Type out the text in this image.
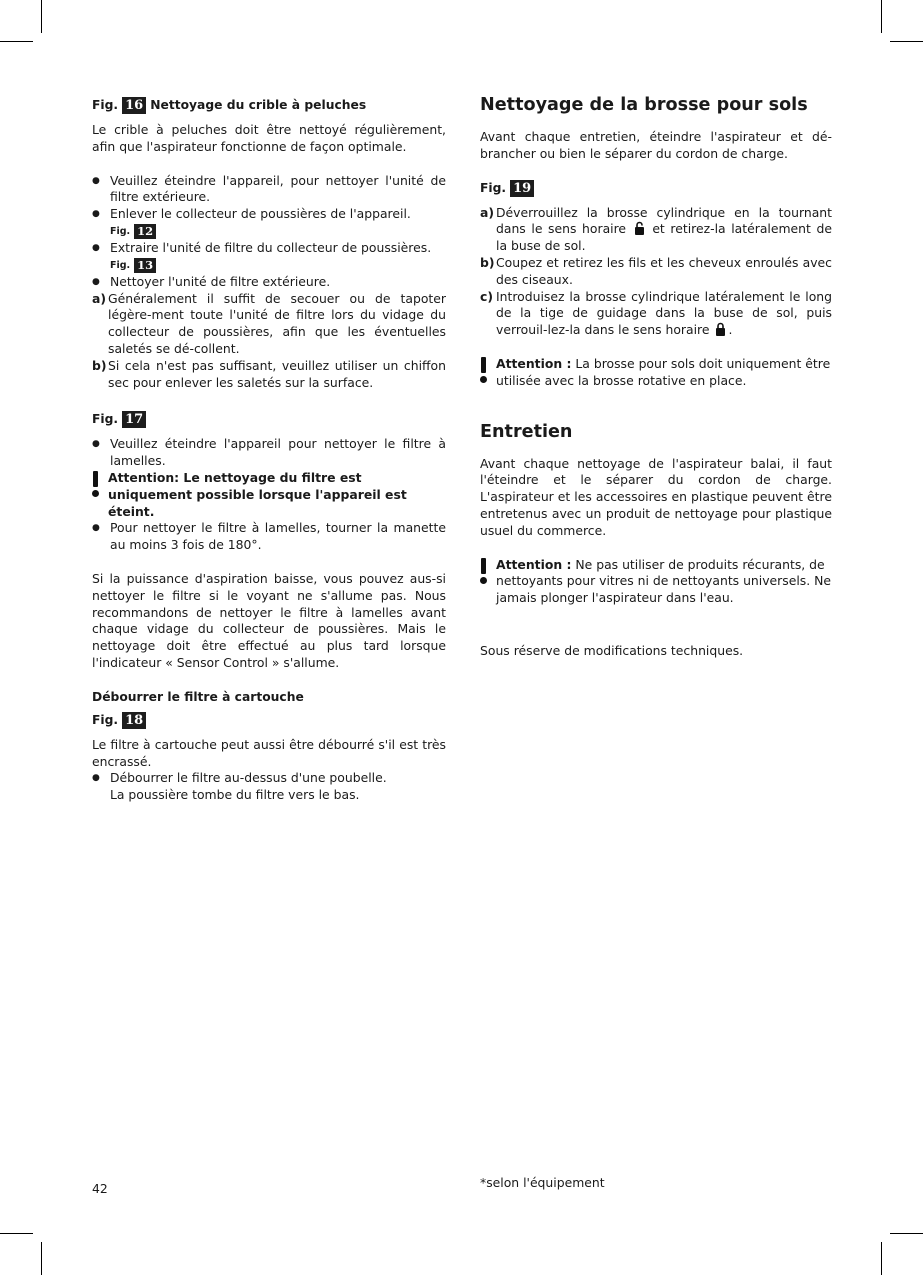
Fig. 16 Nettoyage du crible à peluches

Le crible à peluches doit être nettoyé régulièrement, afin que l'aspirateur fonctionne de façon optimale.

● Veuillez éteindre l'appareil, pour nettoyer l'unité de filtre extérieure.
● Enlever le collecteur de poussières de l'appareil.
Fig. 12
● Extraire l'unité de filtre du collecteur de poussières.
Fig. 13
● Nettoyer l'unité de filtre extérieure.
a) Généralement il suffit de secouer ou de tapoter légère-ment toute l'unité de filtre lors du vidage du collecteur de poussières, afin que les éventuelles saletés se dé-collent.
b) Si cela n'est pas suffisant, veuillez utiliser un chiffon sec pour enlever les saletés sur la surface.
Fig. 17
● Veuillez éteindre l'appareil pour nettoyer le filtre à lamelles.
Attention: Le nettoyage du filtre est uniquement possible lorsque l'appareil est éteint.
● Pour nettoyer le filtre à lamelles, tourner la manette au moins 3 fois de 180°.

Si la puissance d'aspiration baisse, vous pouvez aus-si nettoyer le filtre si le voyant ne s'allume pas. Nous recommandons de nettoyer le filtre à lamelles avant chaque vidage du collecteur de poussières. Mais le nettoyage doit être effectué au plus tard lorsque l'indicateur « Sensor Control » s'allume.

Débourrer le filtre à cartouche

Fig. 18

Le filtre à cartouche peut aussi être débourré s'il est très encrassé.

● Débourrer le filtre au-dessus d'une poubelle.
La poussière tombe du filtre vers le bas.
Nettoyage de la brosse pour sols

Avant chaque entretien, éteindre l'aspirateur et dé-brancher ou bien le séparer du cordon de charge.

Fig. 19
a) Déverrouillez la brosse cylindrique en la tournant dans le sens horaire et retirez-la latéralement de la buse de sol.
b) Coupez et retirez les fils et les cheveux enroulés avec des ciseaux.
c) Introduisez la brosse cylindrique latéralement le long de la tige de guidage dans la buse de sol, puis verrouil-lez-la dans le sens horaire .
Attention : La brosse pour sols doit uniquement être utilisée avec la brosse rotative en place.
Entretien

Avant chaque nettoyage de l'aspirateur balai, il faut l'éteindre et le séparer du cordon de charge. L'aspirateur et les accessoires en plastique peuvent être entretenus avec un produit de nettoyage pour plastique usuel du commerce.

Attention : Ne pas utiliser de produits récurants, de nettoyants pour vitres ni de nettoyants universels. Ne jamais plonger l'aspirateur dans l'eau.

Sous réserve de modifications techniques.

42	*selon l'équipement
